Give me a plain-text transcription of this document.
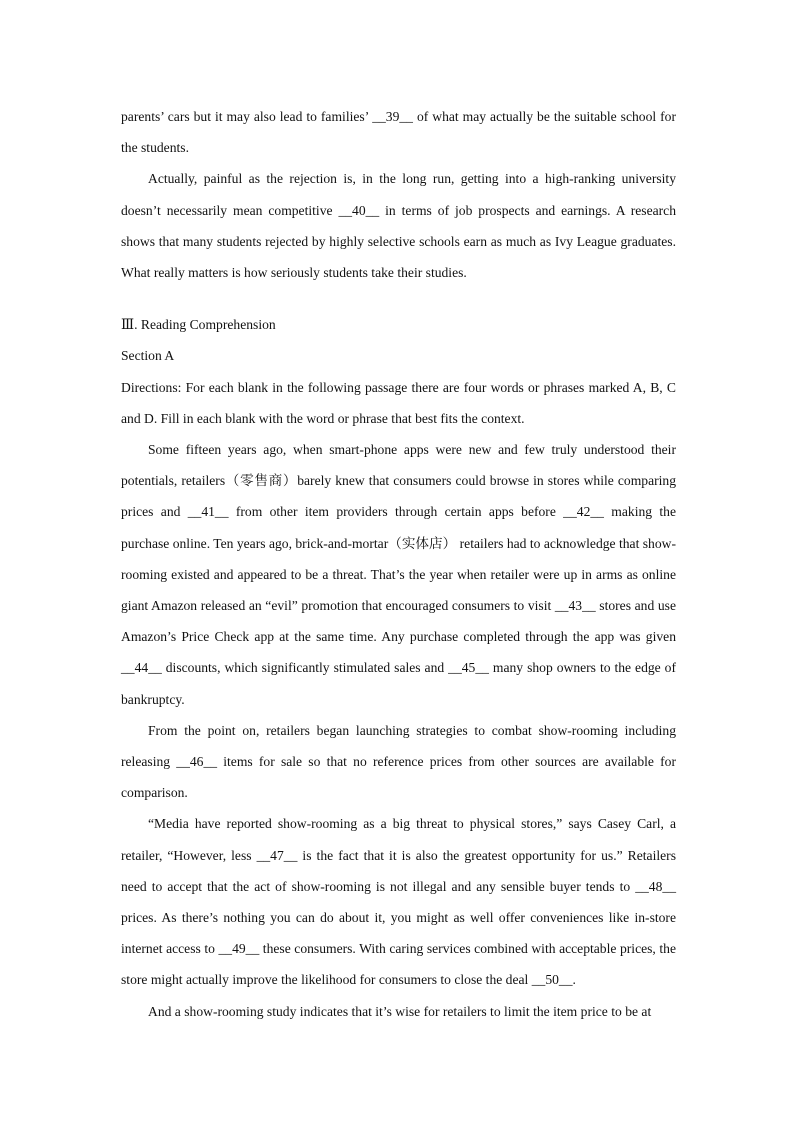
parents’ cars but it may also lead to families’ __39__ of what may actually be the suitable school for the students.

Actually, painful as the rejection is, in the long run, getting into a high-ranking university doesn’t necessarily mean competitive __40__ in terms of job prospects and earnings. A research shows that many students rejected by highly selective schools earn as much as Ivy League graduates. What really matters is how seriously students take their studies.

Ⅲ. Reading Comprehension
Section A

Directions: For each blank in the following passage there are four words or phrases marked A, B, C and D. Fill in each blank with the word or phrase that best fits the context.

Some fifteen years ago, when smart-phone apps were new and few truly understood their potentials, retailers（零售商）barely knew that consumers could browse in stores while comparing prices and __41__ from other item providers through certain apps before __42__ making the purchase online. Ten years ago, brick-and-mortar（实体店） retailers had to acknowledge that show-rooming existed and appeared to be a threat. That’s the year when retailer were up in arms as online giant Amazon released an “evil” promotion that encouraged consumers to visit __43__ stores and use Amazon’s Price Check app at the same time. Any purchase completed through the app was given __44__ discounts, which significantly stimulated sales and __45__ many shop owners to the edge of bankruptcy.

From the point on, retailers began launching strategies to combat show-rooming including releasing __46__ items for sale so that no reference prices from other sources are available for comparison.

“Media have reported show-rooming as a big threat to physical stores,” says Casey Carl, a retailer, “However, less __47__ is the fact that it is also the greatest opportunity for us.” Retailers need to accept that the act of show-rooming is not illegal and any sensible buyer tends to __48__ prices. As there’s nothing you can do about it, you might as well offer conveniences like in-store internet access to __49__ these consumers. With caring services combined with acceptable prices, the store might actually improve the likelihood for consumers to close the deal __50__.

And a show-rooming study indicates that it’s wise for retailers to limit the item price to be at
